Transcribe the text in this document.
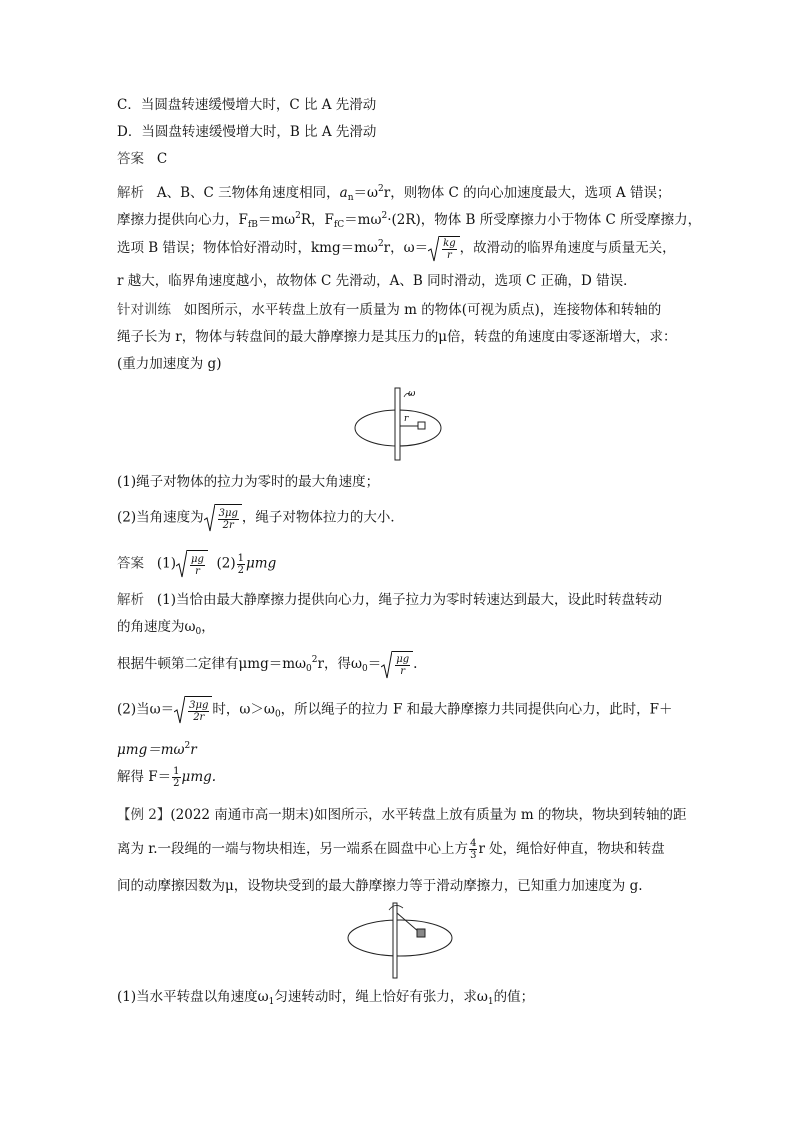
C．当圆盘转速缓慢增大时，C 比 A 先滑动
D．当圆盘转速缓慢增大时，B 比 A 先滑动
答案 C
解析 A、B、C 三物体角速度相同，$a_n=\omega^2r$，则物体 C 的向心加速度最大，选项 A 错误；
摩擦力提供向心力，$F_{fB}=m\omega^2R$，$F_{fC}=m\omega^2\cdot(2R)$，物体 B 所受摩擦力小于物体 C 所受摩擦力，
选项 B 错误；物体恰好滑动时，$kmg=m\omega^2r$，$\omega= \frac{kg}{r}$ ，故滑动的临界角速度与质量无关，
r 越大，临界角速度越小，故物体 C 先滑动，A、B 同时滑动，选项 C 正确，D 错误．
针对训练 如图所示，水平转盘上放有一质量为 m 的物体(可视为质点)，连接物体和转轴的
绳子长为 r，物体与转盘间的最大静摩擦力是其压力的μ倍，转盘的角速度由零逐渐增大，求：
(重力加速度为 g)
ω
r
(1)绳子对物体的拉力为零时的最大角速度；
(2)当角速度为 $\frac{3\mu g}{2r}$ ，绳子对物体拉力的大小．
答案 $(1) \frac{\mu g}{r} (2) \frac{1}{2}$ μmg
解析 (1)当恰由最大静摩擦力提供向心力，绳子拉力为零时转速达到最大，设此时转盘转动
的角速度为$\omega_0$，
根据牛顿第二定律有$\mu mg=m\omega_0^2r$，得$\omega_0= \frac{\mu g}{r}$ .
(2)当$\omega= \frac{3\mu g}{2r}$ 时，$\omega>\omega_0$，所以绳子的拉力 F 和最大静摩擦力共同提供向心力，此时，F＋
$\mu mg=m\omega^2r$
解得 $F= \frac{1}{2} \mu mg$.
【例 2】(2022 南通市高一期末)如图所示，水平转盘上放有质量为 m 的物块，物块到转轴的距
离为 r.一段绳的一端与物块相连，另一端系在圆盘中心上方 $\frac{4}{3}$ r 处，绳恰好伸直，物块和转盘
间的动摩擦因数为μ，设物块受到的最大静摩擦力等于滑动摩擦力，已知重力加速度为 g.
(1)当水平转盘以角速度$\omega_1$匀速转动时，绳上恰好有张力，求$\omega_1$的值；
